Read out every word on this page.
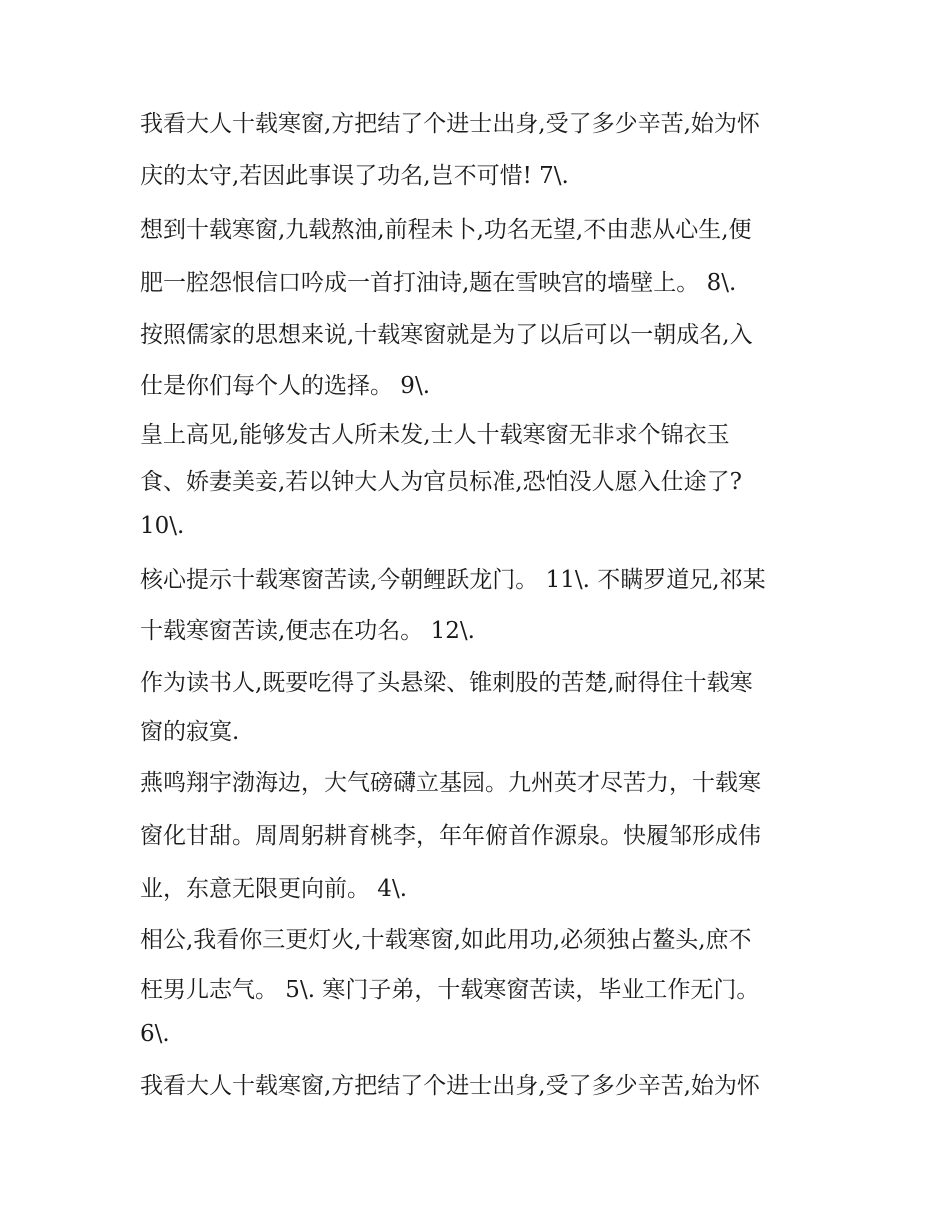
我看大人十载寒窗,方把结了个进士出身,受了多少辛苦,始为怀
庆的太守,若因此事误了功名,岂不可惜! 7\.
想到十载寒窗,九载熬油,前程未卜,功名无望,不由悲从心生,便
肥一腔怨恨信口吟成一首打油诗,题在雪映宫的墙壁上。 8\.
按照儒家的思想来说,十载寒窗就是为了以后可以一朝成名,入
仕是你们每个人的选择。 9\.
皇上高见,能够发古人所未发,士人十载寒窗无非求个锦衣玉
食、娇妻美妾,若以钟大人为官员标准,恐怕没人愿入仕途了?
10\.
核心提示十载寒窗苦读,今朝鲤跃龙门。 11\. 不瞒罗道兄,祁某
十载寒窗苦读,便志在功名。 12\.
作为读书人,既要吃得了头悬梁、锥刺股的苦楚,耐得住十载寒
窗的寂寞.
燕鸣翔宇渤海边，大气磅礴立基园。九州英才尽苦力，十载寒
窗化甘甜。周周躬耕育桃李，年年俯首作源泉。快履邹形成伟
业，东意无限更向前。 4\.
相公,我看你三更灯火,十载寒窗,如此用功,必须独占鳌头,庶不
枉男儿志气。 5\. 寒门子弟，十载寒窗苦读，毕业工作无门。
6\.
我看大人十载寒窗,方把结了个进士出身,受了多少辛苦,始为怀
